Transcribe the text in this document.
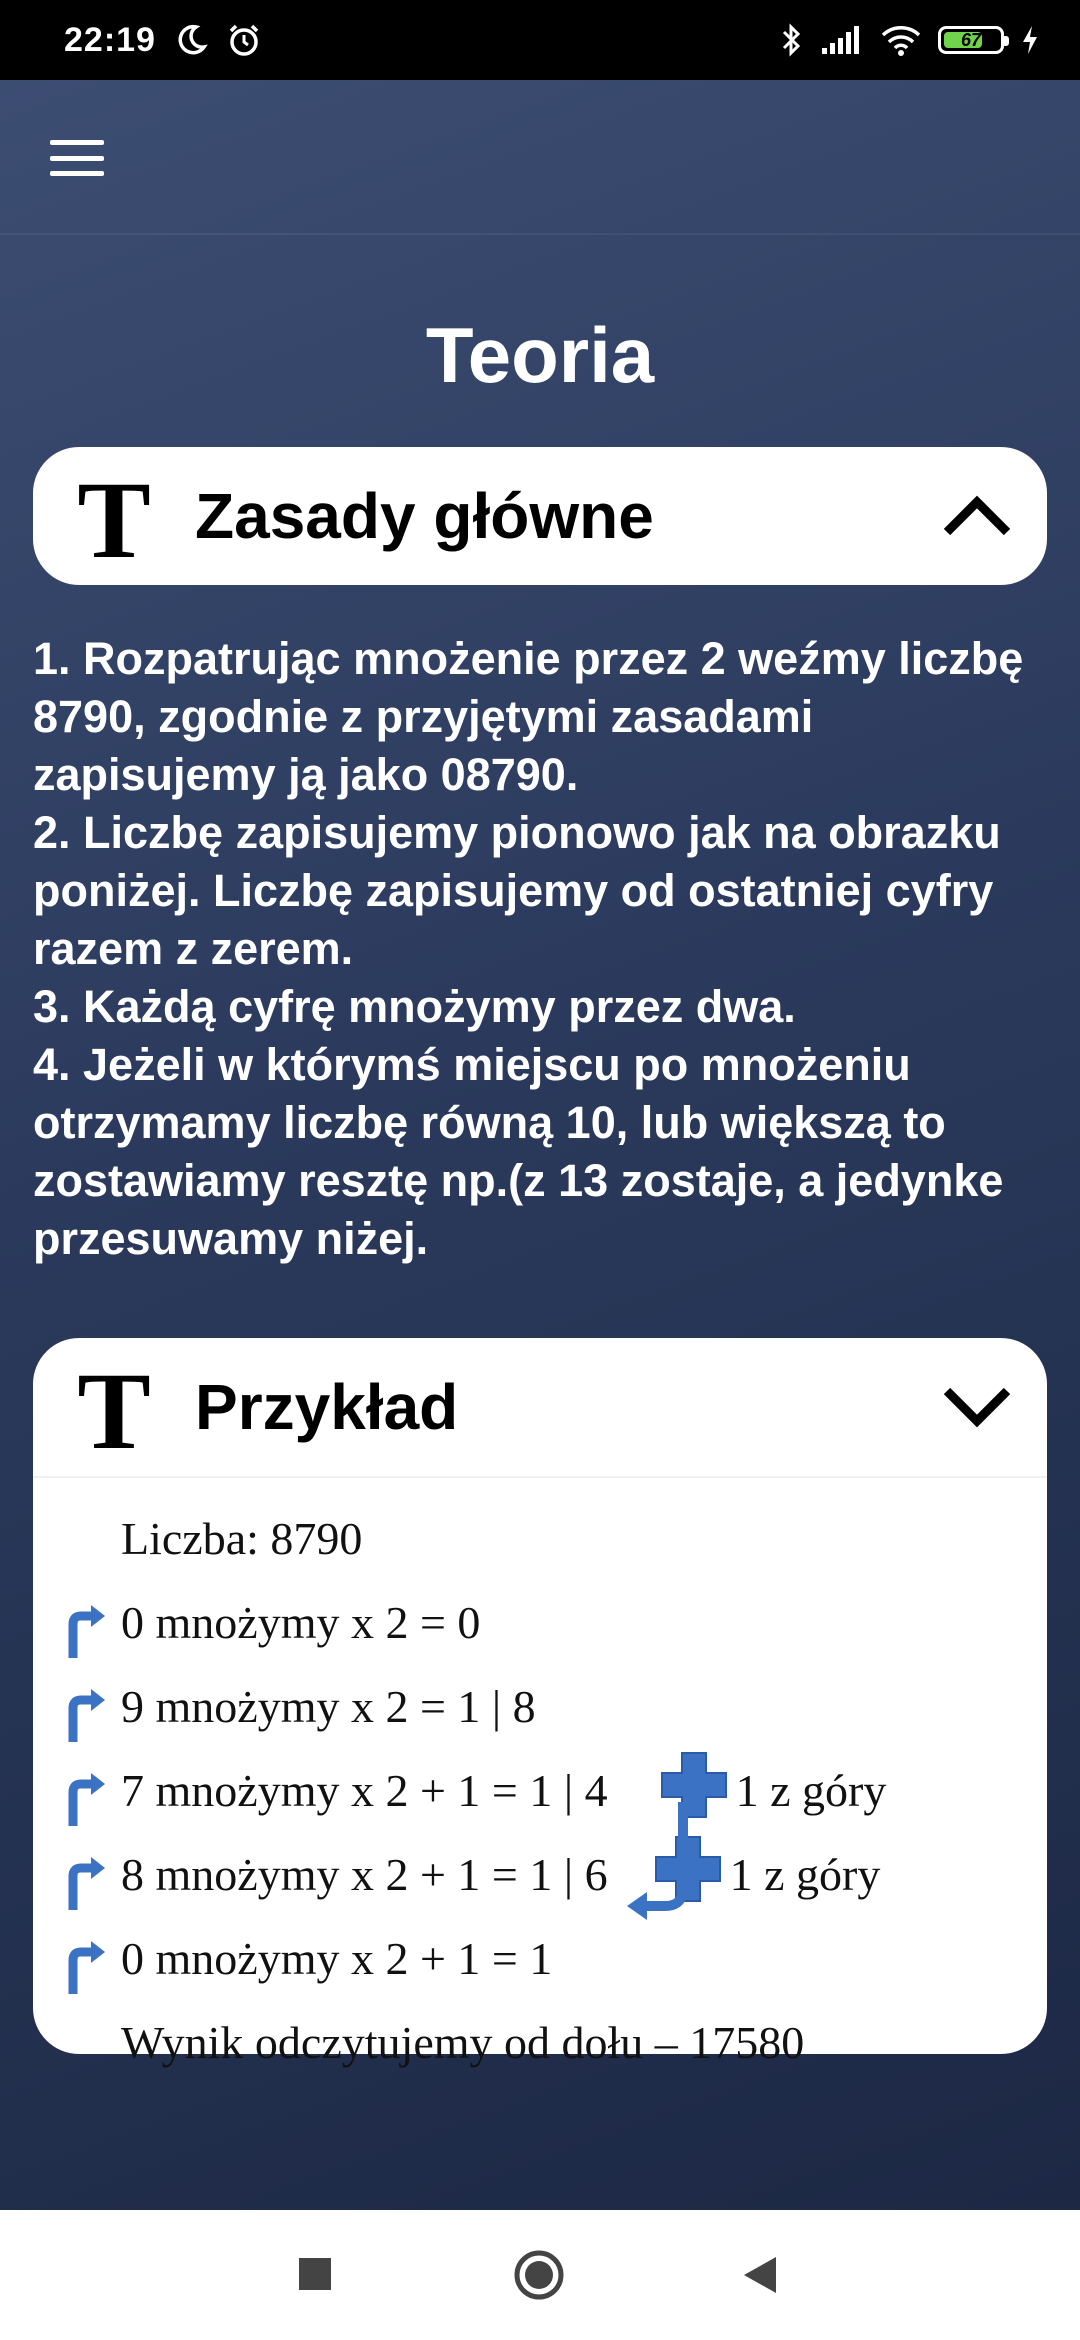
22:19	67
Teoria
T Zasady główne

1. Rozpatrując mnożenie przez 2 weźmy liczbę 8790, zgodnie z przyjętymi zasadami zapisujemy ją jako 08790.

2. Liczbę zapisujemy pionowo jak na obrazku poniżej. Liczbę zapisujemy od ostatniej cyfry razem z zerem.

3. Każdą cyfrę mnożymy przez dwa.

4. Jeżeli w którymś miejscu po mnożeniu otrzymamy liczbę równą 10, lub większą to zostawiamy resztę np.(z 13 zostaje, a jedynke przesuwamy niżej.

T Przykład
Liczba: 8790
0 mnożymy x 2 = 0
9 mnożymy x 2 = 1 | 8
7 mnożymy x 2 + 1 = 1 | 4	1 z góry
8 mnożymy x 2 + 1 = 1 | 6	1 z góry
0 mnożymy x 2 + 1 = 1
Wynik odczytujemy od dołu – 17580
